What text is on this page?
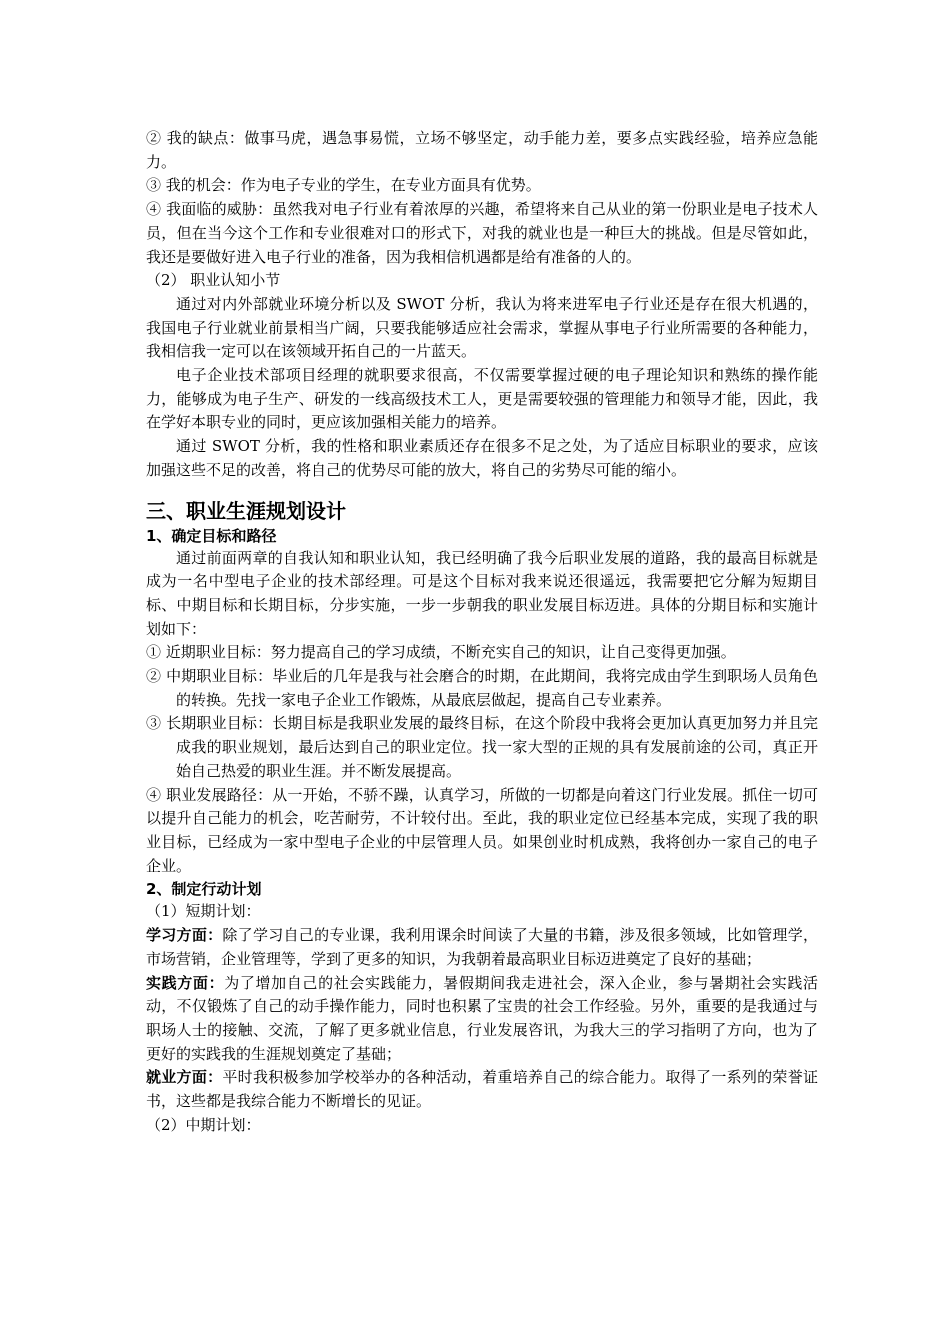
② 我的缺点：做事马虎，遇急事易慌，立场不够坚定，动手能力差，要多点实践经验，培养应急能力。

③ 我的机会：作为电子专业的学生，在专业方面具有优势。

④ 我面临的威胁：虽然我对电子行业有着浓厚的兴趣，希望将来自己从业的第一份职业是电子技术人员，但在当今这个工作和专业很难对口的形式下，对我的就业也是一种巨大的挑战。但是尽管如此，我还是要做好进入电子行业的准备，因为我相信机遇都是给有准备的人的。

（2） 职业认知小节

通过对内外部就业环境分析以及 SWOT 分析，我认为将来进军电子行业还是存在很大机遇的，我国电子行业就业前景相当广阔，只要我能够适应社会需求，掌握从事电子行业所需要的各种能力，我相信我一定可以在该领域开拓自己的一片蓝天。

电子企业技术部项目经理的就职要求很高，不仅需要掌握过硬的电子理论知识和熟练的操作能力，能够成为电子生产、研发的一线高级技术工人，更是需要较强的管理能力和领导才能，因此，我在学好本职专业的同时，更应该加强相关能力的培养。

通过 SWOT 分析，我的性格和职业素质还存在很多不足之处，为了适应目标职业的要求，应该加强这些不足的改善，将自己的优势尽可能的放大，将自己的劣势尽可能的缩小。

三、职业生涯规划设计

1、确定目标和路径

通过前面两章的自我认知和职业认知，我已经明确了我今后职业发展的道路，我的最高目标就是成为一名中型电子企业的技术部经理。可是这个目标对我来说还很遥远，我需要把它分解为短期目标、中期目标和长期目标，分步实施，一步一步朝我的职业发展目标迈进。具体的分期目标和实施计划如下：

① 近期职业目标：努力提高自己的学习成绩，不断充实自己的知识，让自己变得更加强。

② 中期职业目标：毕业后的几年是我与社会磨合的时期，在此期间，我将完成由学生到职场人员角色的转换。先找一家电子企业工作锻炼，从最底层做起，提高自己专业素养。

③ 长期职业目标：长期目标是我职业发展的最终目标，在这个阶段中我将会更加认真更加努力并且完成我的职业规划，最后达到自己的职业定位。找一家大型的正规的具有发展前途的公司，真正开始自己热爱的职业生涯。并不断发展提高。

④ 职业发展路径：从一开始，不骄不躁，认真学习，所做的一切都是向着这门行业发展。抓住一切可以提升自己能力的机会，吃苦耐劳，不计较付出。至此，我的职业定位已经基本完成，实现了我的职业目标，已经成为一家中型电子企业的中层管理人员。如果创业时机成熟，我将创办一家自己的电子企业。

2、制定行动计划

（1）短期计划：

学习方面：除了学习自己的专业课，我利用课余时间读了大量的书籍，涉及很多领域，比如管理学，市场营销，企业管理等，学到了更多的知识，为我朝着最高职业目标迈进奠定了良好的基础；

实践方面：为了增加自己的社会实践能力，暑假期间我走进社会，深入企业，参与暑期社会实践活动，不仅锻炼了自己的动手操作能力，同时也积累了宝贵的社会工作经验。另外，重要的是我通过与职场人士的接触、交流，了解了更多就业信息，行业发展咨讯，为我大三的学习指明了方向，也为了更好的实践我的生涯规划奠定了基础；

就业方面：平时我积极参加学校举办的各种活动，着重培养自己的综合能力。取得了一系列的荣誉证书，这些都是我综合能力不断增长的见证。

（2）中期计划：
